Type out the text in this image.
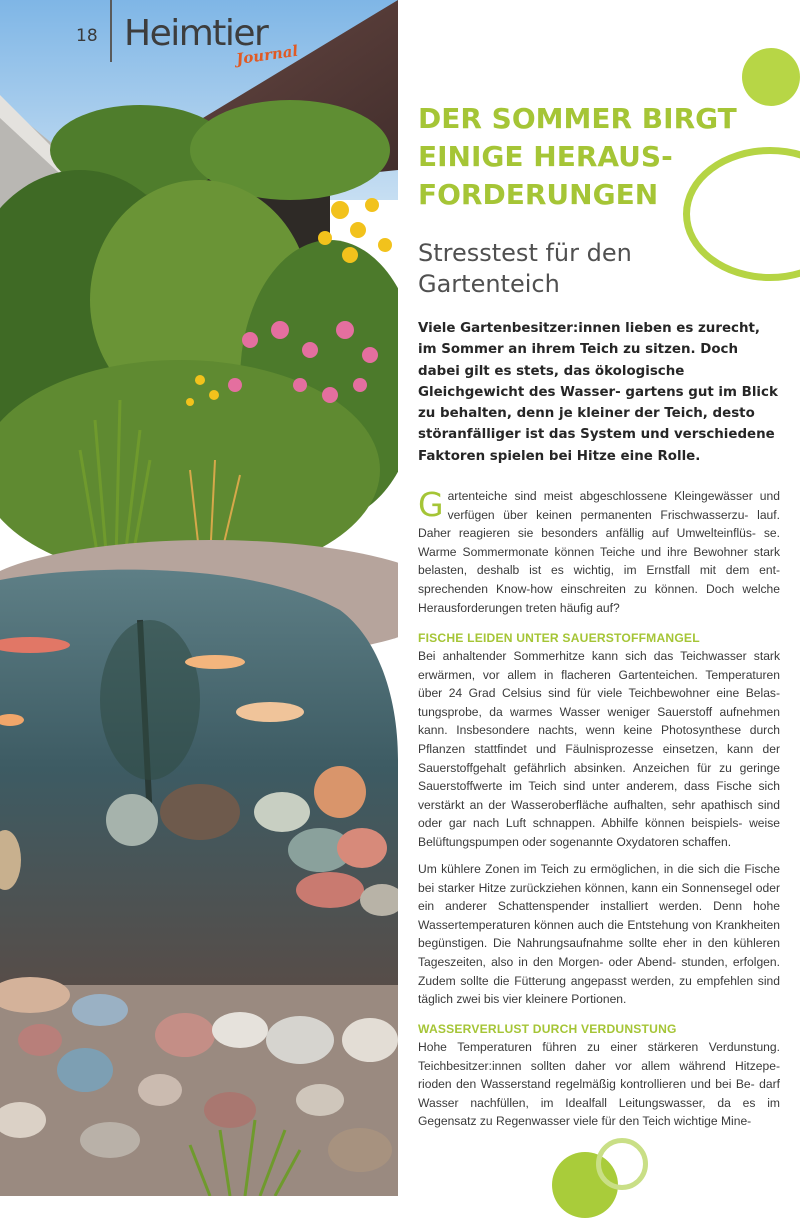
18 Heimtier
Journal
DER SOMMER BIRGT EINIGE HERAUS- FORDERUNGEN
Stresstest für den Gartenteich

Viele Gartenbesitzer:innen lieben es zurecht, im Sommer an ihrem Teich zu sitzen. Doch dabei gilt es stets, das ökologische Gleichgewicht des Wasser- gartens gut im Blick zu behalten, denn je kleiner der Teich, desto störanfälliger ist das System und verschiedene Faktoren spielen bei Hitze eine Rolle.

Gartenteiche sind meist abgeschlossene Kleingewässer und verfügen über keinen permanenten Frischwasserzu- lauf. Daher reagieren sie besonders anfällig auf Umwelteinflüs- se. Warme Sommermonate können Teiche und ihre Bewohner stark belasten, deshalb ist es wichtig, im Ernstfall mit dem ent- sprechenden Know-how einschreiten zu können. Doch welche Herausforderungen treten häufig auf?

FISCHE LEIDEN UNTER SAUERSTOFFMANGEL

Bei anhaltender Sommerhitze kann sich das Teichwasser stark erwärmen, vor allem in flacheren Gartenteichen. Temperaturen über 24 Grad Celsius sind für viele Teichbewohner eine Belas- tungsprobe, da warmes Wasser weniger Sauerstoff aufnehmen kann. Insbesondere nachts, wenn keine Photosynthese durch Pflanzen stattfindet und Fäulnisprozesse einsetzen, kann der Sauerstoffgehalt gefährlich absinken. Anzeichen für zu geringe Sauerstoffwerte im Teich sind unter anderem, dass Fische sich verstärkt an der Wasseroberfläche aufhalten, sehr apathisch sind oder gar nach Luft schnappen. Abhilfe können beispiels- weise Belüftungspumpen oder sogenannte Oxydatoren schaffen.

Um kühlere Zonen im Teich zu ermöglichen, in die sich die Fische bei starker Hitze zurückziehen können, kann ein Sonnensegel oder ein anderer Schattenspender installiert werden. Denn hohe Wassertemperaturen können auch die Entstehung von Krankheiten begünstigen. Die Nahrungsaufnahme sollte eher in den kühleren Tageszeiten, also in den Morgen- oder Abend- stunden, erfolgen. Zudem sollte die Fütterung angepasst werden, zu empfehlen sind täglich zwei bis vier kleinere Portionen.

WASSERVERLUST DURCH VERDUNSTUNG

Hohe Temperaturen führen zu einer stärkeren Verdunstung. Teichbesitzer:innen sollten daher vor allem während Hitzepe- rioden den Wasserstand regelmäßig kontrollieren und bei Be- darf Wasser nachfüllen, im Idealfall Leitungswasser, da es im Gegensatz zu Regenwasser viele für den Teich wichtige Mine-
